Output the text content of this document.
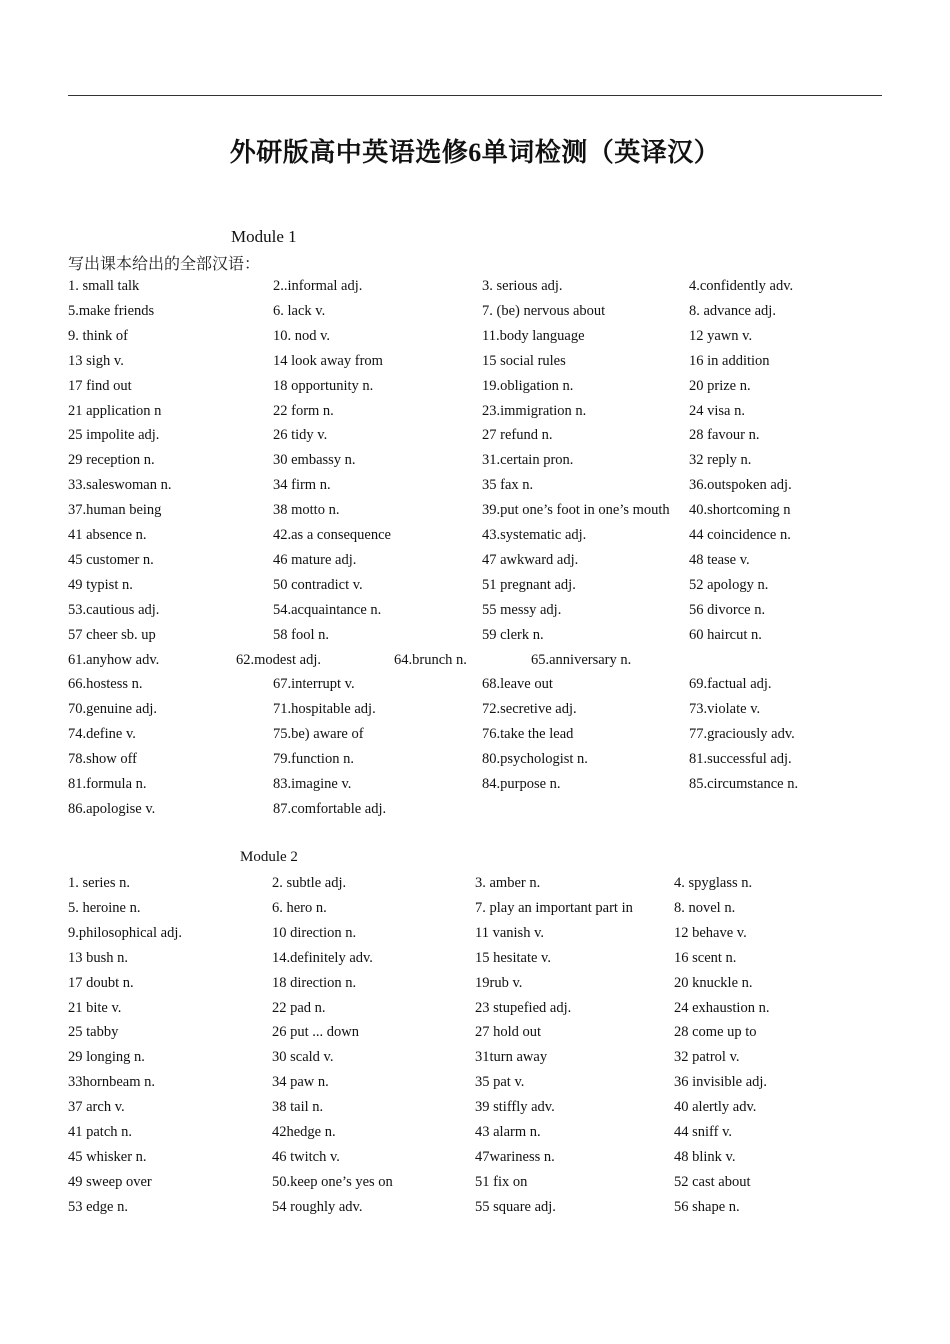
外研版高中英语选修6单词检测（英译汉）
Module 1
写出课本给出的全部汉语：
1. small talk	2..informal adj.	3. serious adj.	4.confidently adv.
5.make friends	6. lack v.	7. (be) nervous about	8. advance adj.
9. think of	10. nod v.	11.body language	12 yawn v.
13 sigh v.	14 look away from	15 social rules	16 in addition
17 find out	18 opportunity n.	19.obligation n.	20 prize n.
21 application n	22 form n.	23.immigration n.	24 visa n.
25 impolite adj.	26 tidy v.	27 refund n.	28 favour n.
29 reception n.	30 embassy n.	31.certain pron.	32 reply n.
33.saleswoman n.	34 firm n.	35 fax n.	36.outspoken adj.
37.human being	38 motto n.	39.put one’s foot in one’s mouth 40.shortcoming n
41 absence n.	42.as a consequence	43.systematic adj.	44 coincidence n.
45 customer n.	46 mature adj.	47 awkward adj.	48 tease v.
49 typist n.	50 contradict v.	51 pregnant adj.	52 apology n.
53.cautious adj.	54.acquaintance n.	55 messy adj.	56 divorce n.
57 cheer sb. up	58 fool n.	59 clerk n.	60 haircut n.
61.anyhow adv.	62.modest adj.	64.brunch n.	65.anniversary n.
66.hostess n.	67.interrupt v.	68.leave out	69.factual adj.
70.genuine adj.	71.hospitable adj.	72.secretive adj.	73.violate v.
74.define v.	75.be) aware of	76.take the lead	77.graciously adv.
78.show off	79.function n.	80.psychologist n.	81.successful adj.
81.formula n.	83.imagine v.	84.purpose n.	85.circumstance n.
86.apologise v.	87.comfortable adj.
Module 2
1. series n.	2. subtle adj.	3. amber n.	4. spyglass n.
5. heroine n.	6. hero n.	7. play an important part in	8. novel n.
9.philosophical adj.	10 direction n.	11 vanish v.	12 behave v.
13 bush n.	14.definitely adv.	15 hesitate v.	16 scent n.
17 doubt n.	18 direction n.	19rub v.	20 knuckle n.
21 bite v.	22 pad n.	23 stupefied adj.	24 exhaustion n.
25 tabby	26 put ... down	27 hold out	28 come up to
29 longing n.	30 scald v.	31turn away	32 patrol v.
33hornbeam n.	34 paw n.	35 pat v.	36 invisible adj.
37 arch v.	38 tail n.	39 stiffly adv.	40 alertly adv.
41 patch n.	42hedge n.	43 alarm n.	44 sniff v.
45 whisker n.	46 twitch v.	47wariness n.	48 blink v.
49 sweep over	50.keep one’s yes on	51 fix on	52 cast about
53 edge n.	54 roughly adv.	55 square adj.	56 shape n.
